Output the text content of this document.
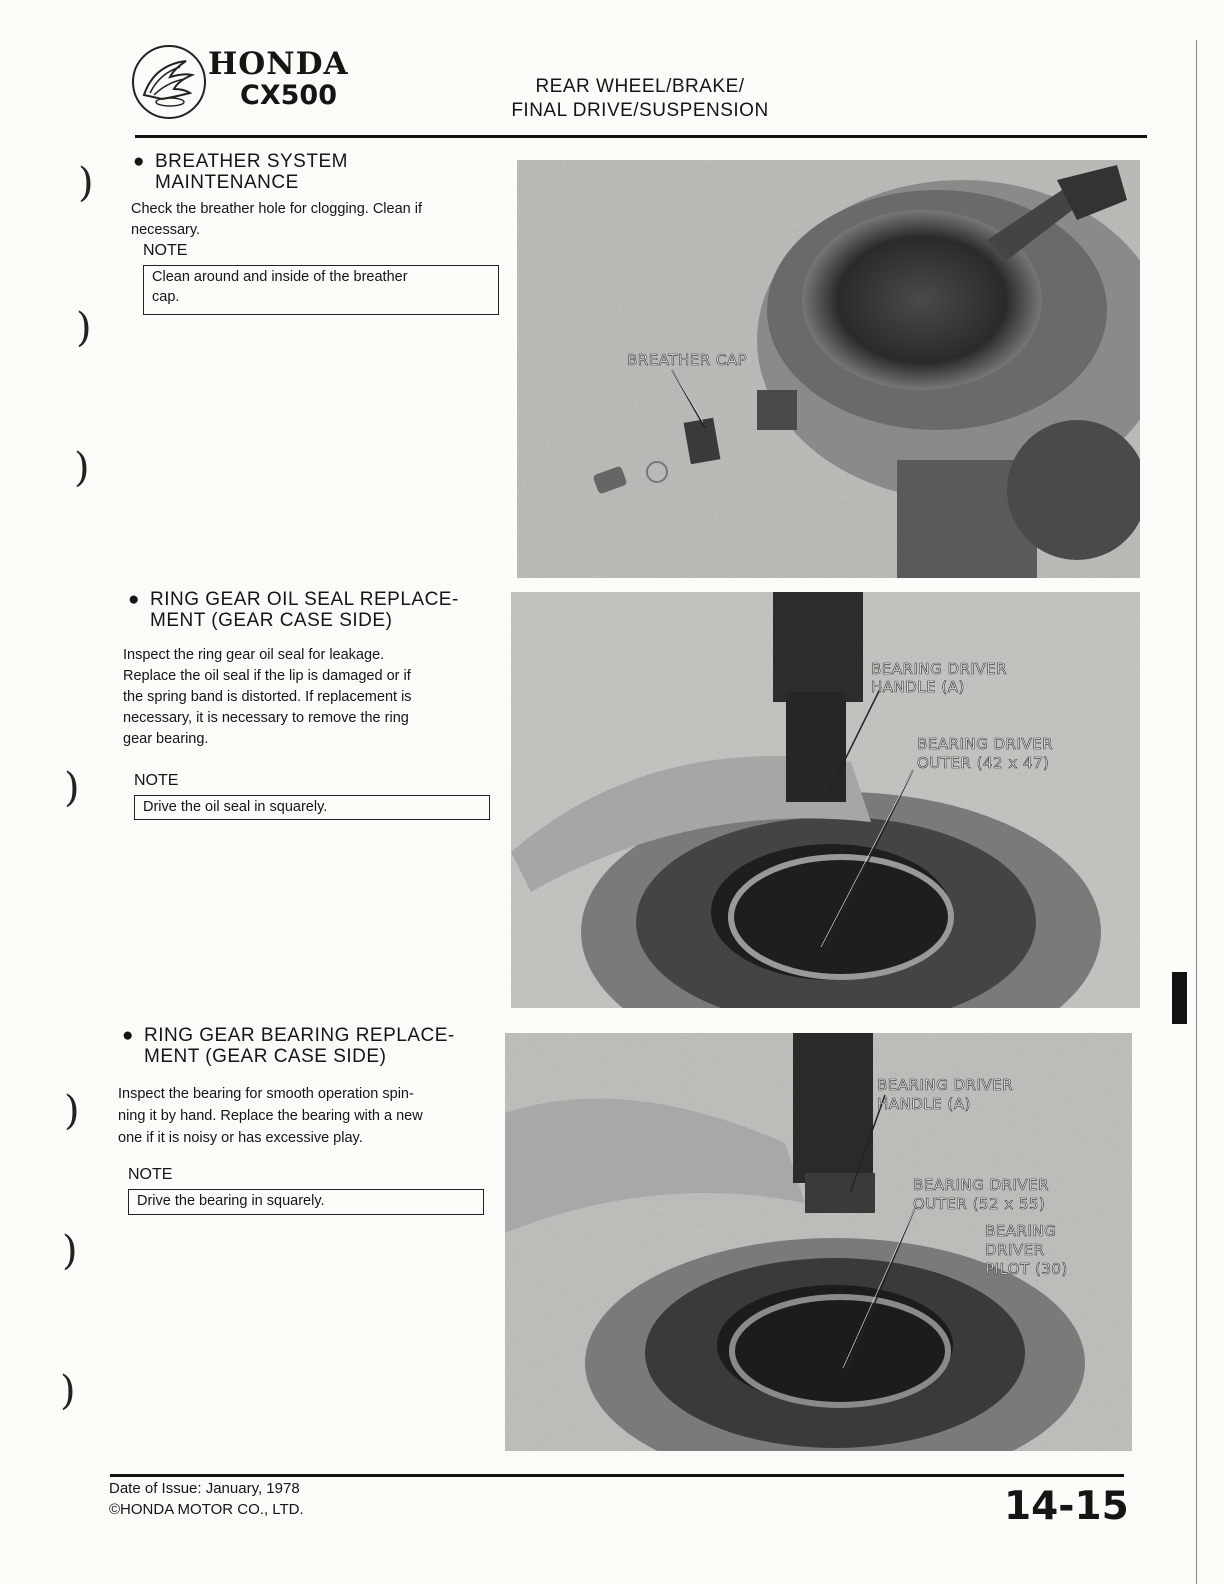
HONDA
CX500	REAR WHEEL/BRAKE/
FINAL DRIVE/SUSPENSION
)
)
)
)
)
)
)
● BREATHER SYSTEM
MAINTENANCE
Check the breather hole for clogging. Clean if
necessary.
NOTE
Clean around and inside of the breather
cap.
● RING GEAR OIL SEAL REPLACE-
MENT (GEAR CASE SIDE)
Inspect the ring gear oil seal for leakage.
Replace the oil seal if the lip is damaged or if
the spring band is distorted. If replacement is
necessary, it is necessary to remove the ring
gear bearing.
NOTE
Drive the oil seal in squarely.
● RING GEAR BEARING REPLACE-
MENT (GEAR CASE SIDE)
Inspect the bearing for smooth operation spin-
ning it by hand. Replace the bearing with a new
one if it is noisy or has excessive play.
NOTE
Drive the bearing in squarely.
BREATHER CAP
BEARING DRIVER
HANDLE (A)
BEARING DRIVER
OUTER (42 x 47)
BEARING DRIVER
HANDLE (A)
BEARING DRIVER
OUTER (52 x 55)
BEARING
DRIVER
PILOT (30)
Date of Issue: January, 1978
©HONDA MOTOR CO., LTD.	14-15
